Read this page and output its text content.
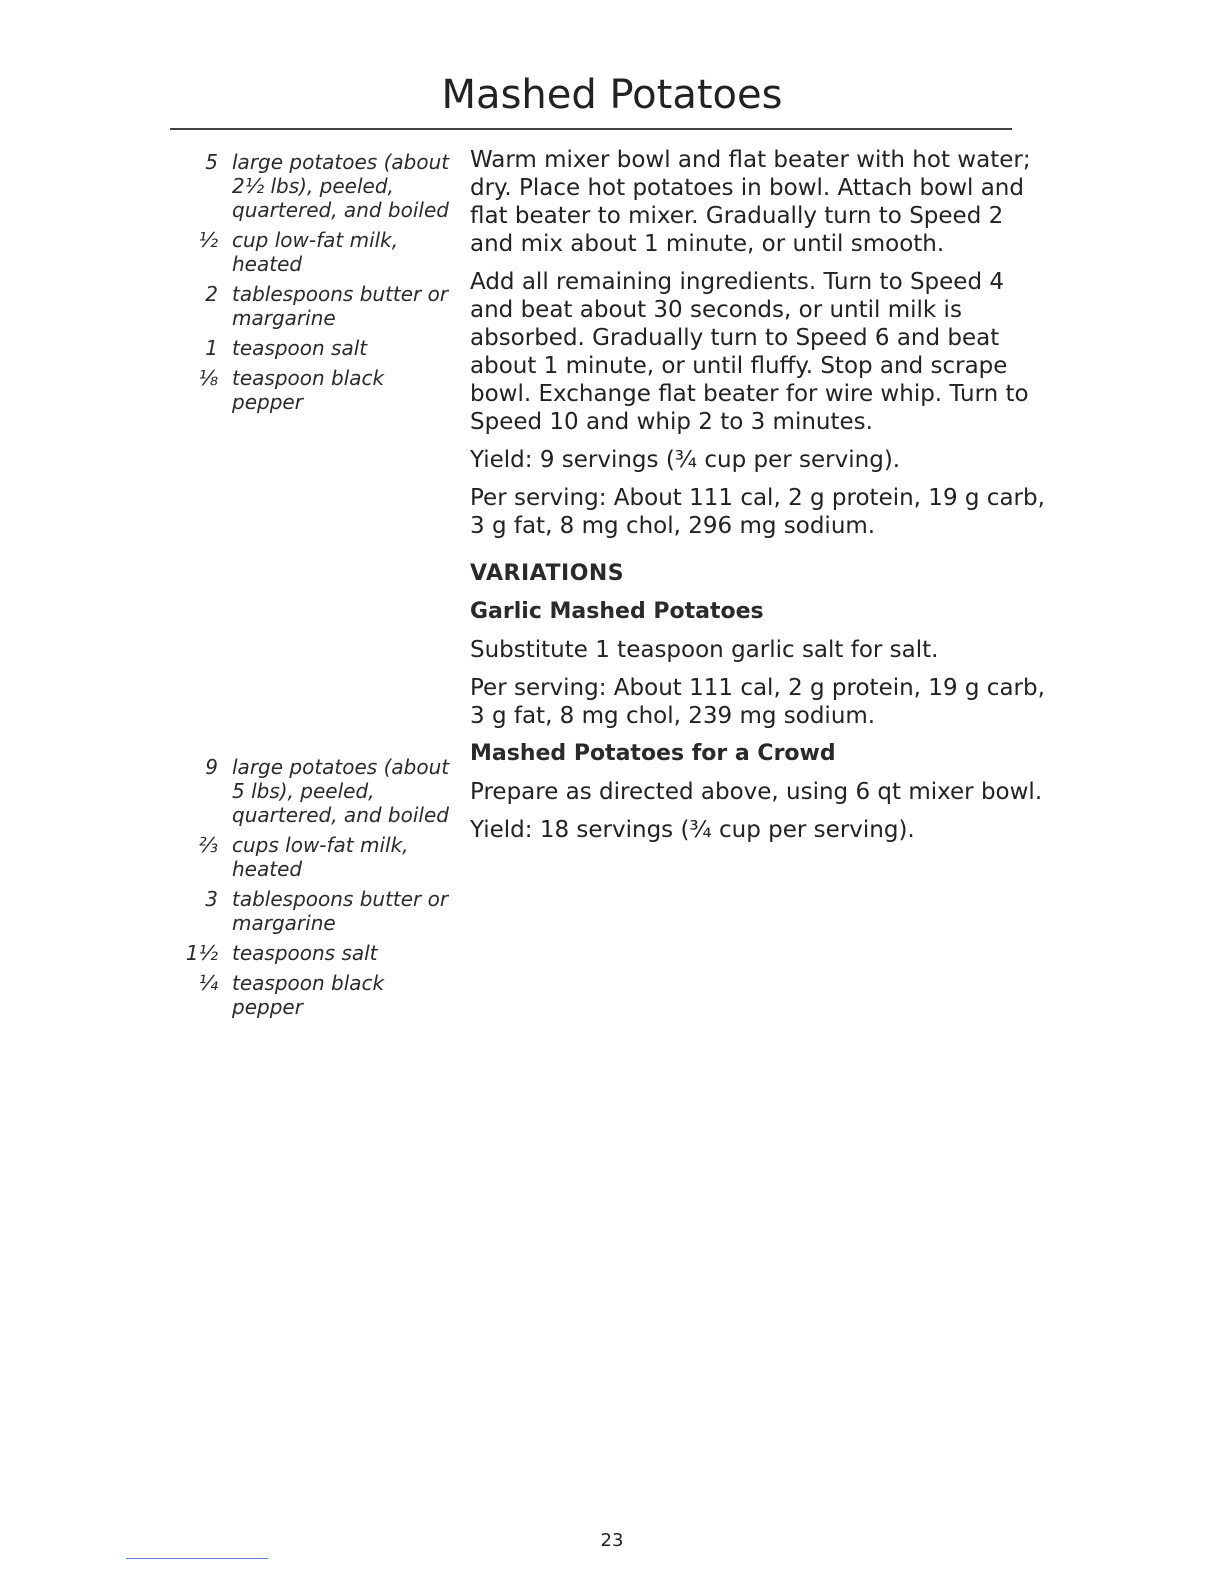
Mashed Potatoes
5 large potatoes (about 2½ lbs), peeled, quartered, and boiled
½ cup low-fat milk, heated
2 tablespoons butter or margarine
1 teaspoon salt
⅛ teaspoon black pepper
9 large potatoes (about 5 lbs), peeled, quartered, and boiled
⅔ cups low-fat milk, heated
3 tablespoons butter or margarine
1½ teaspoons salt
¼ teaspoon black pepper

Warm mixer bowl and flat beater with hot water; dry. Place hot potatoes in bowl. Attach bowl and flat beater to mixer. Gradually turn to Speed 2 and mix about 1 minute, or until smooth.

Add all remaining ingredients. Turn to Speed 4 and beat about 30 seconds, or until milk is absorbed. Gradually turn to Speed 6 and beat about 1 minute, or until fluffy. Stop and scrape bowl. Exchange flat beater for wire whip. Turn to Speed 10 and whip 2 to 3 minutes.

Yield: 9 servings (¾ cup per serving).

Per serving: About 111 cal, 2 g protein, 19 g carb, 3 g fat, 8 mg chol, 296 mg sodium.

VARIATIONS
Garlic Mashed Potatoes

Substitute 1 teaspoon garlic salt for salt.

Per serving: About 111 cal, 2 g protein, 19 g carb, 3 g fat, 8 mg chol, 239 mg sodium.

Mashed Potatoes for a Crowd

Prepare as directed above, using 6 qt mixer bowl.

Yield: 18 servings (¾ cup per serving).

23
